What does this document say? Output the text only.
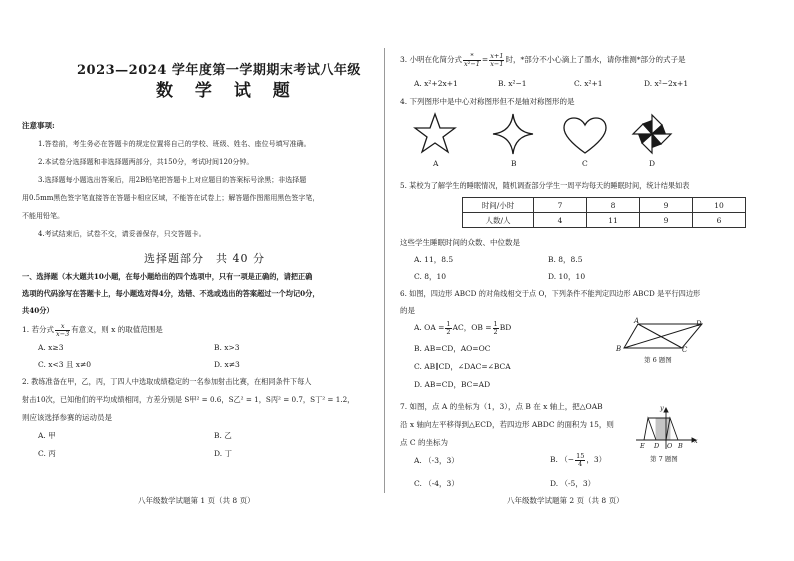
2023—2024 学年度第一学期期末考试八年级
数 学 试 题
注意事项:
1.答卷前，考生务必在答题卡的规定位置将自己的学校、班级、姓名、座位号填写准确。
2.本试卷分选择题和非选择题两部分，共150分，考试时间120分钟。
3.选择题每小题选出答案后，用2B铅笔把答题卡上对应题目的答案标号涂黑；非选择题
用0.5mm黑色签字笔直接答在答题卡相应区域，不能答在试卷上；解答题作图需用黑色签字笔，
不能用铅笔。
4.考试结束后，试卷不交，请妥善保存，只交答题卡。
选择题部分　共 40 分
一、选择题（本大题共10小题，在每小题给出的四个选项中，只有一项是正确的，请把正确
选项的代码涂写在答题卡上，每小题选对得4分，选错、不选或选出的答案超过一个均记0分，
共40分）
1. 若分式 $\frac{x}{x-3}$ 有意义，则 x 的取值范围是
A. x≥3	B. x>3
C. x<3 且 x≠0	D. x≠3
2. 教练准备在甲，乙，丙，丁四人中选取成绩稳定的一名参加射击比赛，在相同条件下每人
射击10次，已知他们的平均成绩相同，方差分别是 S甲² = 0.6，S乙² = 1，S丙² = 0.7，S丁² = 1.2，
则应该选择参赛的运动员是
A. 甲	B. 乙
C. 丙	D. 丁
八年级数学试题第 1 页（共 8 页）
3. 小明在化简分式 $\frac{*}{\text{x²−1}} = \frac{x+1}{x-1}$ 时，*部分不小心滴上了墨水，请你推测*部分的式子是
A. x²+2x+1	B. x²−1	C. x²+1	D. x²−2x+1
4. 下列图形中是中心对称图形但不是轴对称图形的是
A	B	C	D
5. 某校为了解学生的睡眠情况，随机调查部分学生一周平均每天的睡眠时间，统计结果如表
时间/小时	7	8	9	10
人数/人	4	11	9	6
这些学生睡眠时间的众数、中位数是
A. 11，8.5	B. 8，8.5
C. 8，10	D. 10，10
6. 如图，四边形 ABCD 的对角线相交于点 O，下列条件不能判定四边形 ABCD 是平行四边形
的是
A. OA = $\frac{1}{2}$ AC，OB = $\frac{1}{2}$ BD
B. AB=CD，AO=OC
C. AB∥CD，∠DAC=∠BCA
D. AB=CD，BC=AD
A	D
B	C
第 6 题图
7. 如图，点 A 的坐标为（1，3），点 B 在 x 轴上，把△OAB
沿 x 轴向左平移得到△ECD，若四边形 ABDC 的面积为 15，则
点 C 的坐标为
A. （-3，3）	B. （− $\frac{15}{4}$ ，3）
C. （-4，3）	D. （-5，3）
y
x
E D O B
第 7 题图
八年级数学试题第 2 页（共 8 页）
